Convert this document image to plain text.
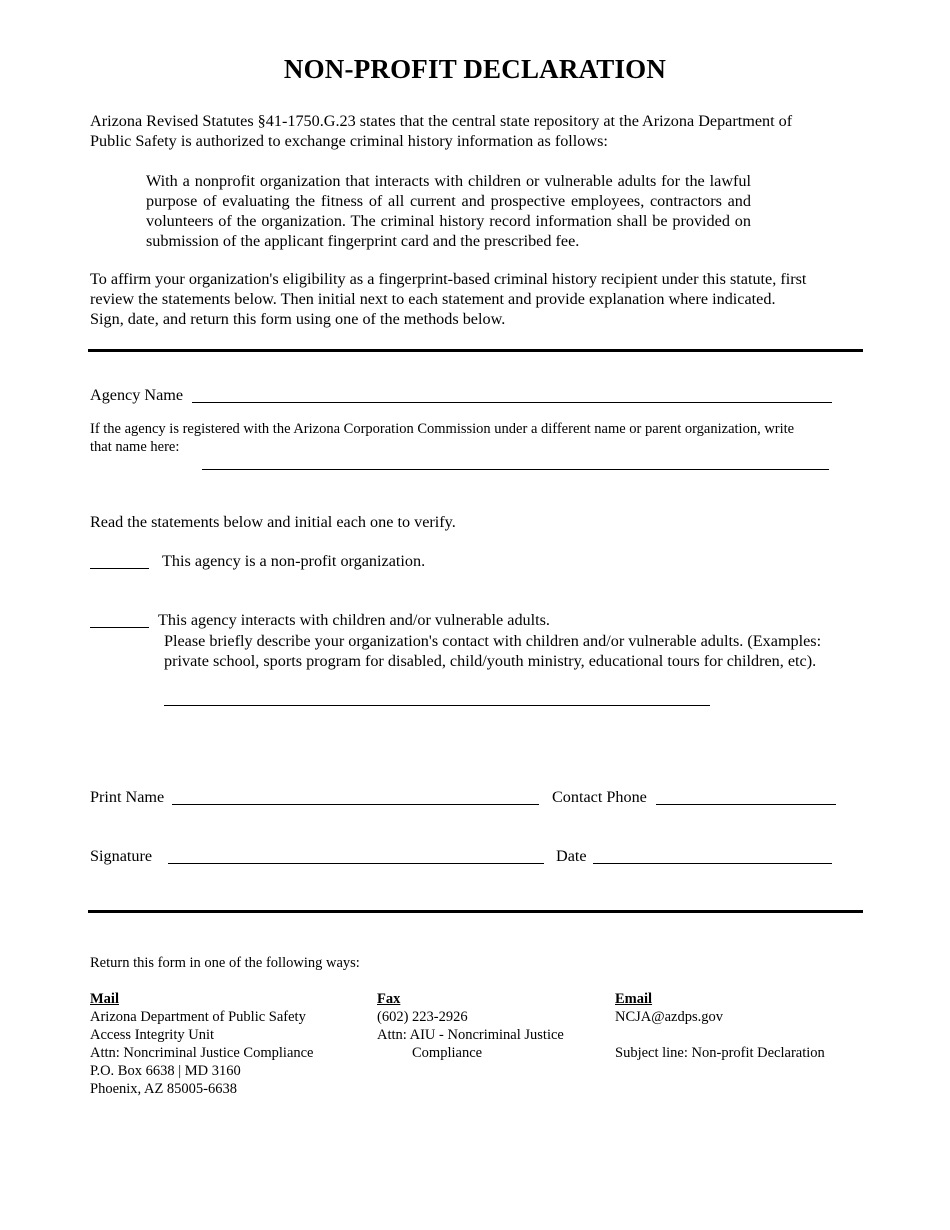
NON-PROFIT DECLARATION
Arizona Revised Statutes §41-1750.G.23 states that the central state repository at the Arizona Department of
Public Safety is authorized to exchange criminal history information as follows:
With a nonprofit organization that interacts with children or vulnerable adults for the lawful purpose of evaluating the fitness of all current and prospective employees, contractors and volunteers of the organization. The criminal history record information shall be provided on submission of the applicant fingerprint card and the prescribed fee.
To affirm your organization's eligibility as a fingerprint-based criminal history recipient under this statute, first
review the statements below. Then initial next to each statement and provide explanation where indicated.
Sign, date, and return this form using one of the methods below.
Agency Name
If the agency is registered with the Arizona Corporation Commission under a different name or parent organization, write
that name here:
Read the statements below and initial each one to verify.
This agency is a non-profit organization.
This agency interacts with children and/or vulnerable adults.
Please briefly describe your organization's contact with children and/or vulnerable adults. (Examples:
private school, sports program for disabled, child/youth ministry, educational tours for children, etc).
Print Name	Contact Phone
Signature	Date
Return this form in one of the following ways:
Mail
Arizona Department of Public Safety
Access Integrity Unit
Attn: Noncriminal Justice Compliance
P.O. Box 6638 | MD 3160
Phoenix, AZ 85005-6638
Fax
(602) 223-2926
Attn: AIU - Noncriminal Justice
Compliance
Email
NCJA@azdps.gov
Subject line: Non-profit Declaration
